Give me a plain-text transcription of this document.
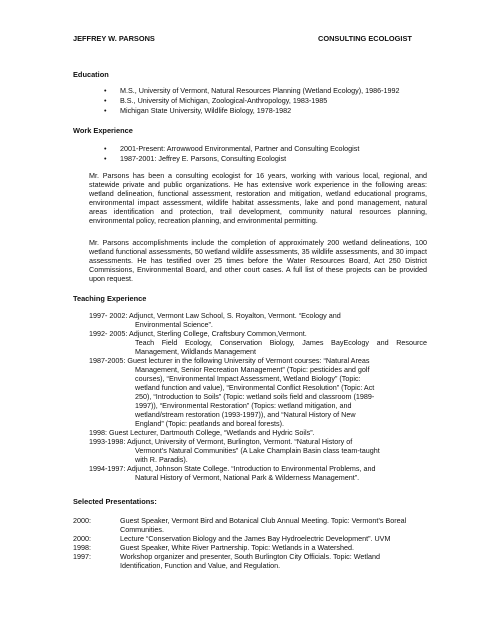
JEFFREY W. PARSONS	CONSULTING ECOLOGIST
Education
• M.S., University of Vermont, Natural Resources Planning (Wetland Ecology), 1986-1992
• B.S., University of Michigan, Zoological-Anthropology, 1983-1985
• Michigan State University, Wildlife Biology, 1978-1982
Work Experience
• 2001-Present: Arrowwood Environmental, Partner and Consulting Ecologist
• 1987-2001: Jeffrey E. Parsons, Consulting Ecologist
Mr. Parsons has been a consulting ecologist for 16 years, working with various local, regional, and statewide private and public organizations. He has extensive work experience in the following areas: wetland delineation, functional assessment, restoration and mitigation, wetland educational programs, environmental impact assessment, wildlife habitat assessments, lake and pond management, natural areas identification and protection, trail development, community natural resources planning, environmental policy, recreation planning, and environmental permitting.
Mr. Parsons accomplishments include the completion of approximately 200 wetland delineations, 100 wetland functional assessments, 50 wetland wildlife assessments, 35 wildlife assessments, and 30 impact assessments. He has testified over 25 times before the Water Resources Board, Act 250 District Commissions, Environmental Board, and other court cases. A full list of these projects can be provided upon request.
Teaching Experience
1997- 2002: Adjunct, Vermont Law School, S. Royalton, Vermont. “Ecology and
Environmental Science”.
1992- 2005: Adjunct, Sterling College, Craftsbury Common,Vermont.
Teach Field Ecology, Conservation Biology, James BayEcology and Resource
Management, Wildlands Management
1987-2005: Guest lecturer in the following University of Vermont courses: “Natural Areas
Management, Senior Recreation Management” (Topic: pesticides and golf
courses), “Environmental Impact Assessment, Wetland Biology” (Topic:
wetland function and value), “Environmental Conflict Resolution” (Topic: Act
250), “Introduction to Soils” (Topic: wetland soils field and classroom (1989-
1997)), “Environmental Restoration” (Topics: wetland mitigation, and
wetland/stream restoration (1993-1997)), and “Natural History of New
England” (Topic: peatlands and boreal forests).
1998: Guest Lecturer, Dartmouth College, “Wetlands and Hydric Soils”.
1993-1998: Adjunct, University of Vermont, Burlington, Vermont. “Natural History of
Vermont’s Natural Communities” (A Lake Champlain Basin class team-taught
with R. Paradis).
1994-1997: Adjunct, Johnson State College. “Introduction to Environmental Problems, and
Natural History of Vermont, National Park & Wilderness Management”.
Selected Presentations:
2000:	Guest Speaker, Vermont Bird and Botanical Club Annual Meeting. Topic: Vermont’s Boreal
Communities.
2000:	Lecture “Conservation Biology and the James Bay Hydroelectric Development”. UVM
1998:	Guest Speaker, White River Partnership. Topic: Wetlands in a Watershed.
1997:	Workshop organizer and presenter, South Burlington City Officials. Topic: Wetland
Identification, Function and Value, and Regulation.
